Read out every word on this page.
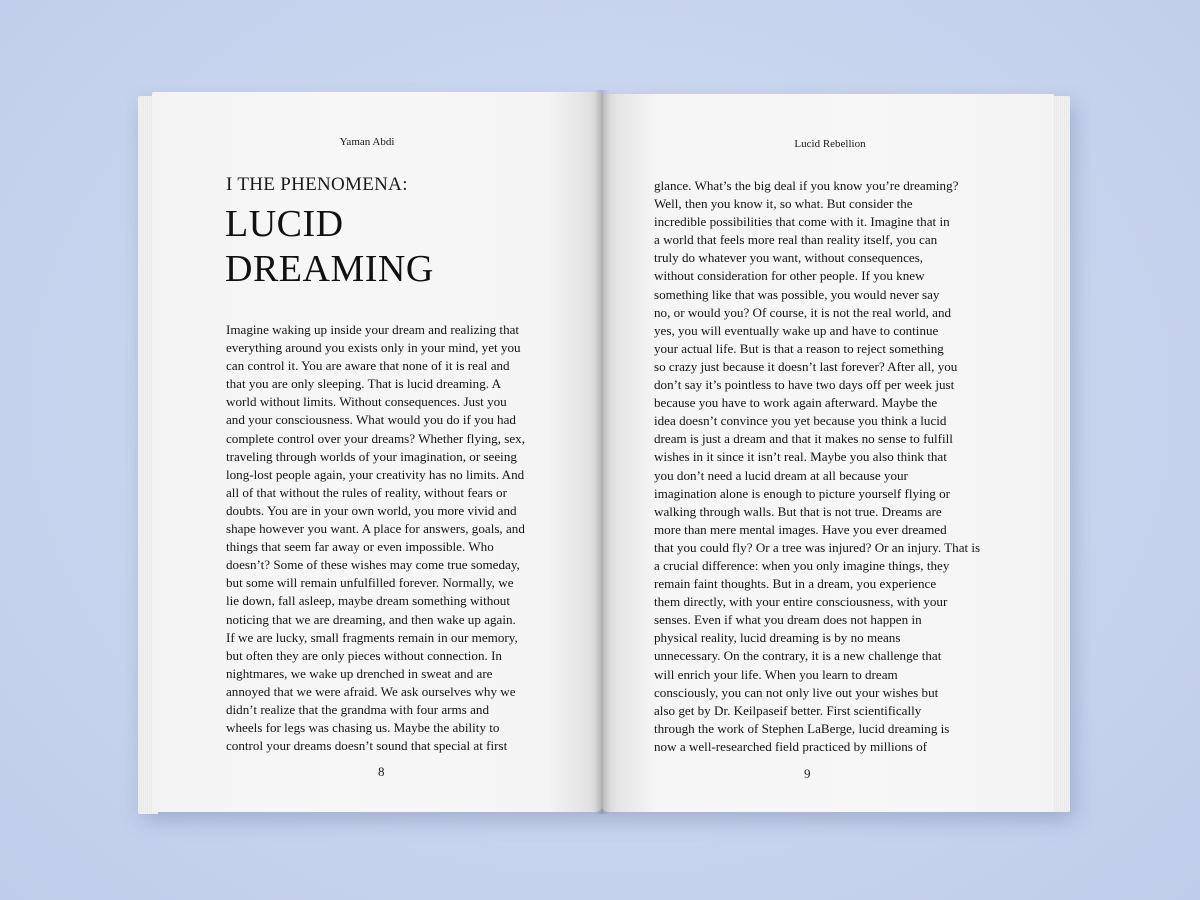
Yaman Abdi
I THE PHENOMENA:
LUCID
DREAMING
Imagine waking up inside your dream and realizing that
everything around you exists only in your mind, yet you
can control it. You are aware that none of it is real and
that you are only sleeping. That is lucid dreaming. A
world without limits. Without consequences. Just you
and your consciousness. What would you do if you had
complete control over your dreams? Whether flying, sex,
traveling through worlds of your imagination, or seeing
long-lost people again, your creativity has no limits. And
all of that without the rules of reality, without fears or
doubts. You are in your own world, you more vivid and
shape however you want. A place for answers, goals, and
things that seem far away or even impossible. Who
doesn’t? Some of these wishes may come true someday,
but some will remain unfulfilled forever. Normally, we
lie down, fall asleep, maybe dream something without
noticing that we are dreaming, and then wake up again.
If we are lucky, small fragments remain in our memory,
but often they are only pieces without connection. In
nightmares, we wake up drenched in sweat and are
annoyed that we were afraid. We ask ourselves why we
didn’t realize that the grandma with four arms and
wheels for legs was chasing us. Maybe the ability to
control your dreams doesn’t sound that special at first
8
Lucid Rebellion
glance. What’s the big deal if you know you’re dreaming?
Well, then you know it, so what. But consider the
incredible possibilities that come with it. Imagine that in
a world that feels more real than reality itself, you can
truly do whatever you want, without consequences,
without consideration for other people. If you knew
something like that was possible, you would never say
no, or would you? Of course, it is not the real world, and
yes, you will eventually wake up and have to continue
your actual life. But is that a reason to reject something
so crazy just because it doesn’t last forever? After all, you
don’t say it’s pointless to have two days off per week just
because you have to work again afterward. Maybe the
idea doesn’t convince you yet because you think a lucid
dream is just a dream and that it makes no sense to fulfill
wishes in it since it isn’t real. Maybe you also think that
you don’t need a lucid dream at all because your
imagination alone is enough to picture yourself flying or
walking through walls. But that is not true. Dreams are
more than mere mental images. Have you ever dreamed
that you could fly? Or a tree was injured? Or an injury. That is
a crucial difference: when you only imagine things, they
remain faint thoughts. But in a dream, you experience
them directly, with your entire consciousness, with your
senses. Even if what you dream does not happen in
physical reality, lucid dreaming is by no means
unnecessary. On the contrary, it is a new challenge that
will enrich your life. When you learn to dream
consciously, you can not only live out your wishes but
also get by Dr. Keilpaseif better. First scientifically
through the work of Stephen LaBerge, lucid dreaming is
now a well-researched field practiced by millions of
9
